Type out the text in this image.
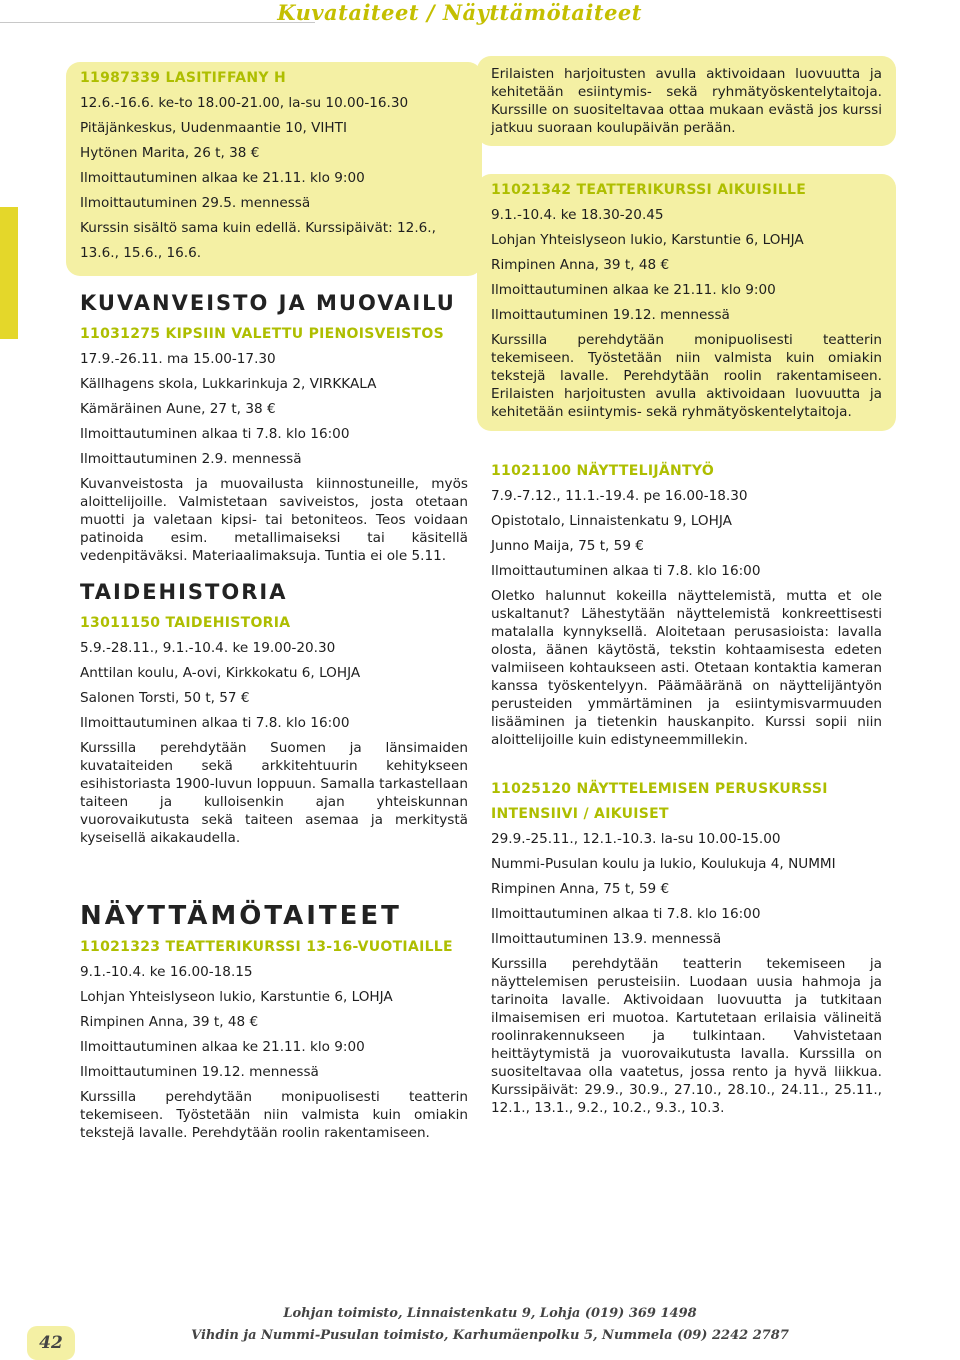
Kuvataiteet / Näyttämötaiteet
11987339 LASITIFFANY H
12.6.-16.6. ke-to 18.00-21.00, la-su 10.00-16.30
Pitäjänkeskus, Uudenmaantie 10, VIHTI
Hytönen Marita, 26 t, 38 €
Ilmoittautuminen alkaa ke 21.11. klo 9:00
Ilmoittautuminen 29.5. mennessä
Kurssin sisältö sama kuin edellä. Kurssipäivät: 12.6.,
13.6., 15.6., 16.6.
KUVANVEISTO JA MUOVAILU
11031275 KIPSIIN VALETTU PIENOISVEISTOS
17.9.-26.11. ma 15.00-17.30
Källhagens skola, Lukkarinkuja 2, VIRKKALA
Kämäräinen Aune, 27 t, 38 €
Ilmoittautuminen alkaa ti 7.8. klo 16:00
Ilmoittautuminen 2.9. mennessä
Kuvanveistosta ja muovailusta kiinnostuneille, myös aloittelijoille. Valmistetaan saviveistos, josta otetaan muotti ja valetaan kipsi- tai betoniteos. Teos voidaan patinoida esim. metallimaiseksi tai käsitellä vedenpitäväksi. Materiaalimaksuja. Tuntia ei ole 5.11.
TAIDEHISTORIA
13011150 TAIDEHISTORIA
5.9.-28.11., 9.1.-10.4. ke 19.00-20.30
Anttilan koulu, A-ovi, Kirkkokatu 6, LOHJA
Salonen Torsti, 50 t, 57 €
Ilmoittautuminen alkaa ti 7.8. klo 16:00
Kurssilla perehdytään Suomen ja länsimaiden kuvataiteiden sekä arkkitehtuurin kehitykseen esihistoriasta 1900-luvun loppuun. Samalla tarkastellaan taiteen ja kulloisenkin ajan yhteiskunnan vuorovaikutusta sekä taiteen asemaa ja merkitystä kyseisellä aikakaudella.
NÄYTTÄMÖTAITEET
11021323 TEATTERIKURSSI 13-16-VUOTIAILLE
9.1.-10.4. ke 16.00-18.15
Lohjan Yhteislyseon lukio, Karstuntie 6, LOHJA
Rimpinen Anna, 39 t, 48 €
Ilmoittautuminen alkaa ke 21.11. klo 9:00
Ilmoittautuminen 19.12. mennessä
Kurssilla perehdytään monipuolisesti teatterin tekemiseen. Työstetään niin valmista kuin omiakin tekstejä lavalle. Perehdytään roolin rakentamiseen.
Erilaisten harjoitusten avulla aktivoidaan luovuutta ja kehitetään esiintymis- sekä ryhmätyöskentelytaitoja. Kurssille on suositeltavaa ottaa mukaan evästä jos kurssi jatkuu suoraan koulupäivän perään.
11021342 TEATTERIKURSSI AIKUISILLE
9.1.-10.4. ke 18.30-20.45
Lohjan Yhteislyseon lukio, Karstuntie 6, LOHJA
Rimpinen Anna, 39 t, 48 €
Ilmoittautuminen alkaa ke 21.11. klo 9:00
Ilmoittautuminen 19.12. mennessä
Kurssilla perehdytään monipuolisesti teatterin tekemiseen. Työstetään niin valmista kuin omiakin tekstejä lavalle. Perehdytään roolin rakentamiseen. Erilaisten harjoitusten avulla aktivoidaan luovuutta ja kehitetään esiintymis- sekä ryhmätyöskentelytaitoja.
11021100 NÄYTTELIJÄNTYÖ
7.9.-7.12., 11.1.-19.4. pe 16.00-18.30
Opistotalo, Linnaistenkatu 9, LOHJA
Junno Maija, 75 t, 59 €
Ilmoittautuminen alkaa ti 7.8. klo 16:00
Oletko halunnut kokeilla näyttelemistä, mutta et ole uskaltanut? Lähestytään näyttelemistä konkreettisesti matalalla kynnyksellä. Aloitetaan perusasioista: lavalla olosta, äänen käytöstä, tekstin kohtaamisesta edeten valmiiseen kohtaukseen asti. Otetaan kontaktia kameran kanssa työskentelyyn. Päämääränä on näyttelijäntyön perusteiden ymmärtäminen ja esiintymisvarmuuden lisääminen ja tietenkin hauskanpito. Kurssi sopii niin aloittelijoille kuin edistyneemmillekin.
11025120 NÄYTTELEMISEN PERUSKURSSI
INTENSIIVI / AIKUISET
29.9.-25.11., 12.1.-10.3. la-su 10.00-15.00
Nummi-Pusulan koulu ja lukio, Koulukuja 4, NUMMI
Rimpinen Anna, 75 t, 59 €
Ilmoittautuminen alkaa ti 7.8. klo 16:00
Ilmoittautuminen 13.9. mennessä
Kurssilla perehdytään teatterin tekemiseen ja näyttelemisen perusteisiin. Luodaan uusia hahmoja ja tarinoita lavalle. Aktivoidaan luovuutta ja tutkitaan ilmaisemisen eri muotoa. Kartutetaan erilaisia välineitä roolinrakennukseen ja tulkintaan. Vahvistetaan heittäytymistä ja vuorovaikutusta lavalla. Kurssilla on suositeltavaa olla vaatetus, jossa rento ja hyvä liikkua. Kurssipäivät: 29.9., 30.9., 27.10., 28.10., 24.11., 25.11., 12.1., 13.1., 9.2., 10.2., 9.3., 10.3.
42
Lohjan toimisto, Linnaistenkatu 9, Lohja (019) 369 1498
Vihdin ja Nummi-Pusulan toimisto, Karhumäenpolku 5, Nummela (09) 2242 2787
